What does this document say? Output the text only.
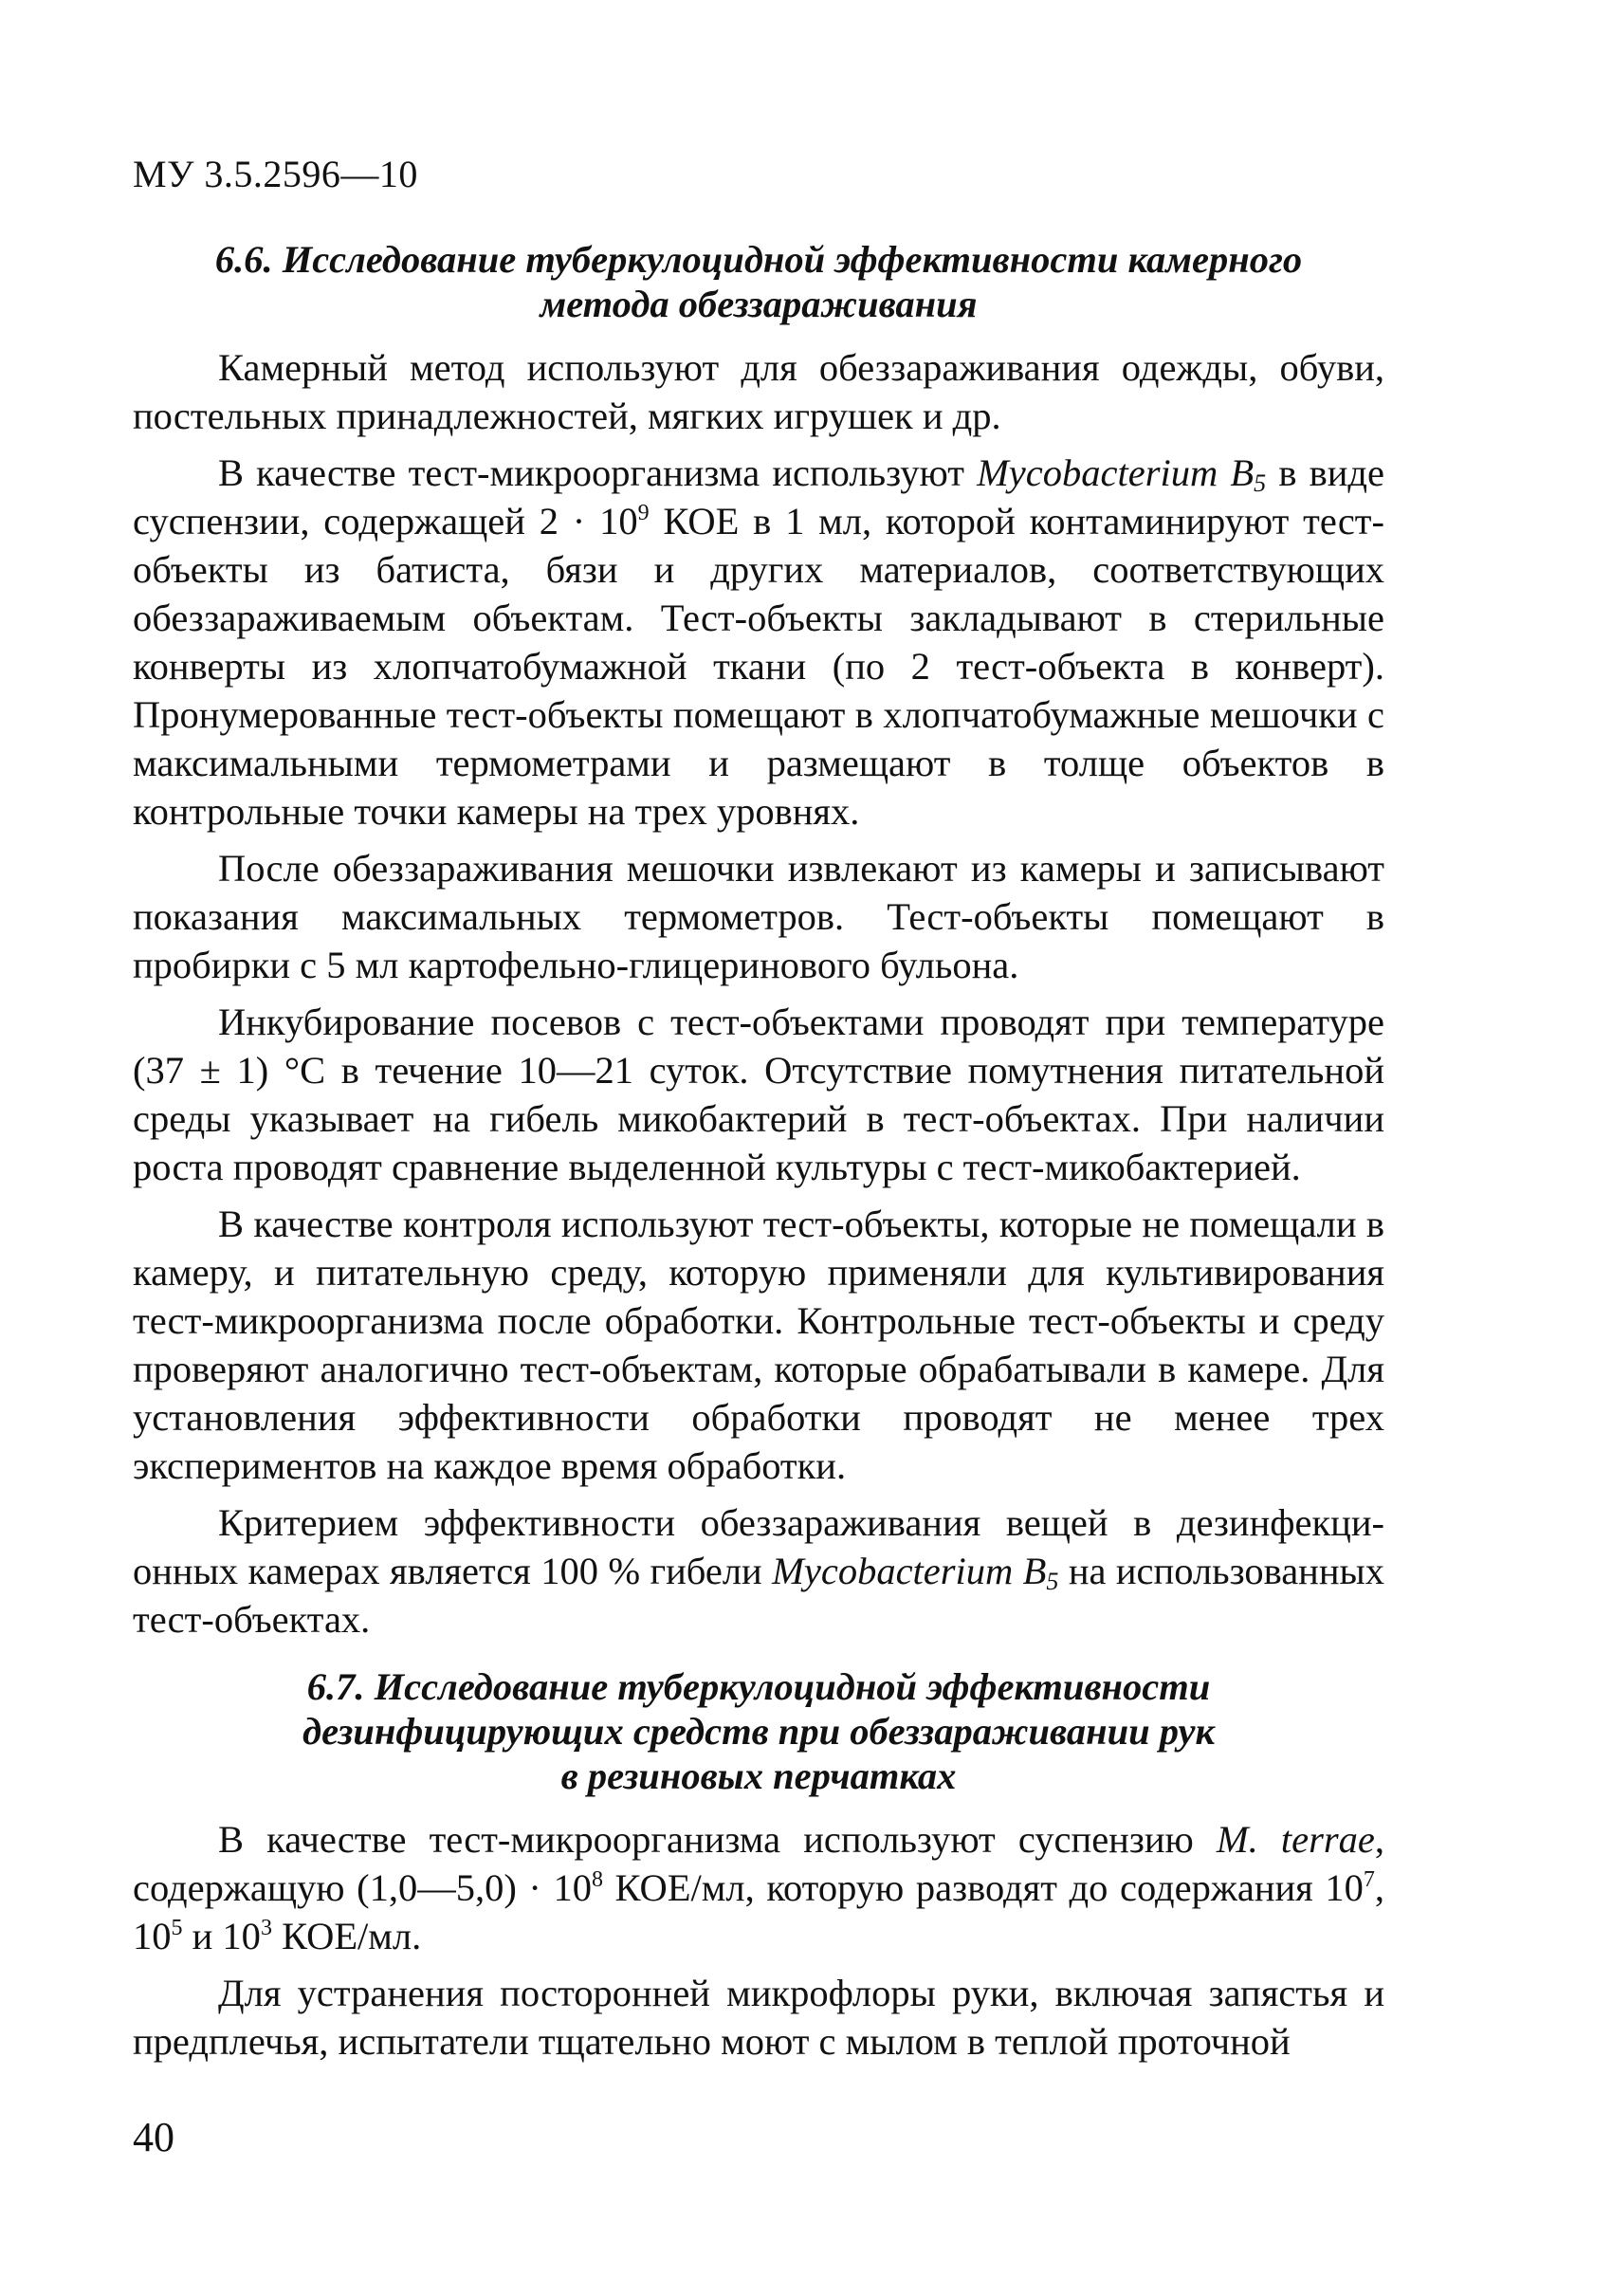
МУ 3.5.2596—10
6.6. Исследование туберкулоцидной эффективности камерного
метода обеззараживания

Камерный метод используют для обеззараживания одежды, обуви, постельных принадлежностей, мягких игрушек и др.

В качестве тест-микроорганизма используют Mycobacterium $B_5$ в виде суспензии, содержащей $2 \cdot 10^9$ КОЕ в 1 мл, которой контаминируют тест-объекты из батиста, бязи и других материалов, соответствующих обеззараживаемым объектам. Тест-объекты закладывают в стерильные конверты из хлопчатобумажной ткани (по 2 тест-объекта в конверт). Пронумерованные тест-объекты помещают в хлопчатобумажные мешочки с максимальными термометрами и размещают в толще объектов в контрольные точки камеры на трех уровнях.

После обеззараживания мешочки извлекают из камеры и записывают показания максимальных термометров. Тест-объекты помещают в пробирки с 5 мл картофельно-глицеринового бульона.

Инкубирование посевов с тест-объектами проводят при температуре (37 ± 1) °С в течение 10—21 суток. Отсутствие помутнения питательной среды указывает на гибель микобактерий в тест-объектах. При наличии роста проводят сравнение выделенной культуры с тест-микобактерией.

В качестве контроля используют тест-объекты, которые не помещали в камеру, и питательную среду, которую применяли для культивирования тест-микроорганизма после обработки. Контрольные тест-объекты и среду проверяют аналогично тест-объектам, которые обрабатывали в камере. Для установления эффективности обработки проводят не менее трех экспериментов на каждое время обработки.

Критерием эффективности обеззараживания вещей в дезинфекционных камерах является 100 % гибели Mycobacterium $B_5$ на использованных тест-объектах.

6.7. Исследование туберкулоцидной эффективности
дезинфицирующих средств при обеззараживании рук
в резиновых перчатках

В качестве тест-микроорганизма используют суспензию M. terrae, содержащую (1,0—5,0) · $10^8$ КОЕ/мл, которую разводят до содержания $10^7$, $10^5$ и $10^3$ КОЕ/мл.

Для устранения посторонней микрофлоры руки, включая запястья и предплечья, испытатели тщательно моют с мылом в теплой проточной

40
